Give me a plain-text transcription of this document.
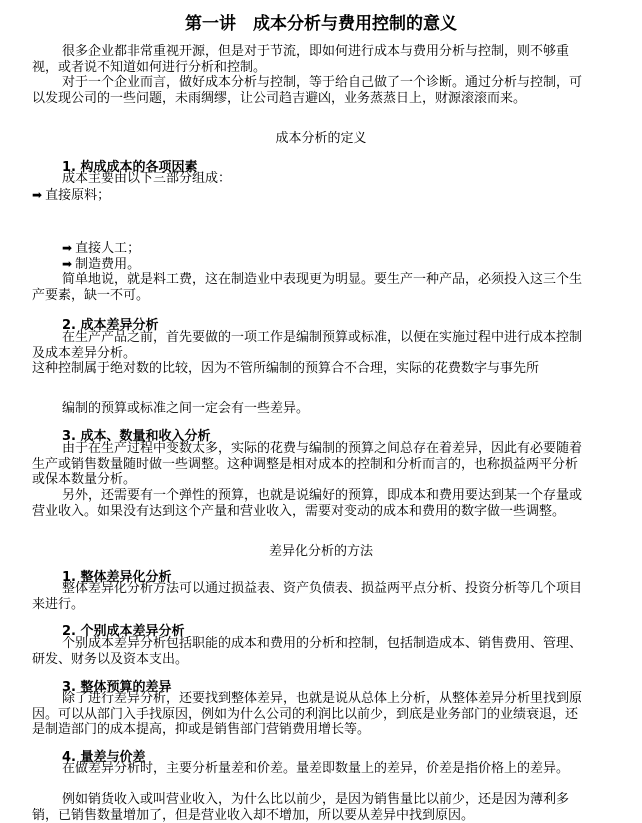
第一讲　成本分析与费用控制的意义

很多企业都非常重视开源，但是对于节流，即如何进行成本与费用分析与控制，则不够重视，或者说不知道如何进行分析和控制。

对于一个企业而言，做好成本分析与控制，等于给自己做了一个诊断。通过分析与控制，可以发现公司的一些问题，未雨绸缪，让公司趋吉避凶，业务蒸蒸日上，财源滚滚而来。

成本分析的定义
1. 构成成本的各项因素

成本主要由以下三部分组成：

➡ 直接原料；
➡ 直接人工；
➡ 制造费用。

简单地说，就是料工费，这在制造业中表现更为明显。要生产一种产品，必须投入这三个生产要素，缺一不可。

2. 成本差异分析

在生产产品之前，首先要做的一项工作是编制预算或标准，以便在实施过程中进行成本控制及成本差异分析。

这种控制属于绝对数的比较，因为不管所编制的预算合不合理，实际的花费数字与事先所

编制的预算或标准之间一定会有一些差异。

3. 成本、数量和收入分析

由于在生产过程中变数太多，实际的花费与编制的预算之间总存在着差异，因此有必要随着生产或销售数量随时做一些调整。这种调整是相对成本的控制和分析而言的，也称损益两平分析或保本数量分析。

另外，还需要有一个弹性的预算，也就是说编好的预算，即成本和费用要达到某一个存量或营业收入。如果没有达到这个产量和营业收入，需要对变动的成本和费用的数字做一些调整。

差异化分析的方法
1. 整体差异化分析

整体差异化分析方法可以通过损益表、资产负债表、损益两平点分析、投资分析等几个项目来进行。

2. 个别成本差异分析

个别成本差异分析包括职能的成本和费用的分析和控制，包括制造成本、销售费用、管理、研发、财务以及资本支出。

3. 整体预算的差异

除了进行差异分析，还要找到整体差异，也就是说从总体上分析，从整体差异分析里找到原因。可以从部门入手找原因，例如为什么公司的利润比以前少，到底是业务部门的业绩衰退，还是制造部门的成本提高，抑或是销售部门营销费用增长等。

4. 量差与价差

在做差异分析时，主要分析量差和价差。量差即数量上的差异，价差是指价格上的差异。

例如销货收入或叫营业收入，为什么比以前少，是因为销售量比以前少，还是因为薄利多销，已销售数量增加了，但是营业收入却不增加，所以要从差异中找到原因。
